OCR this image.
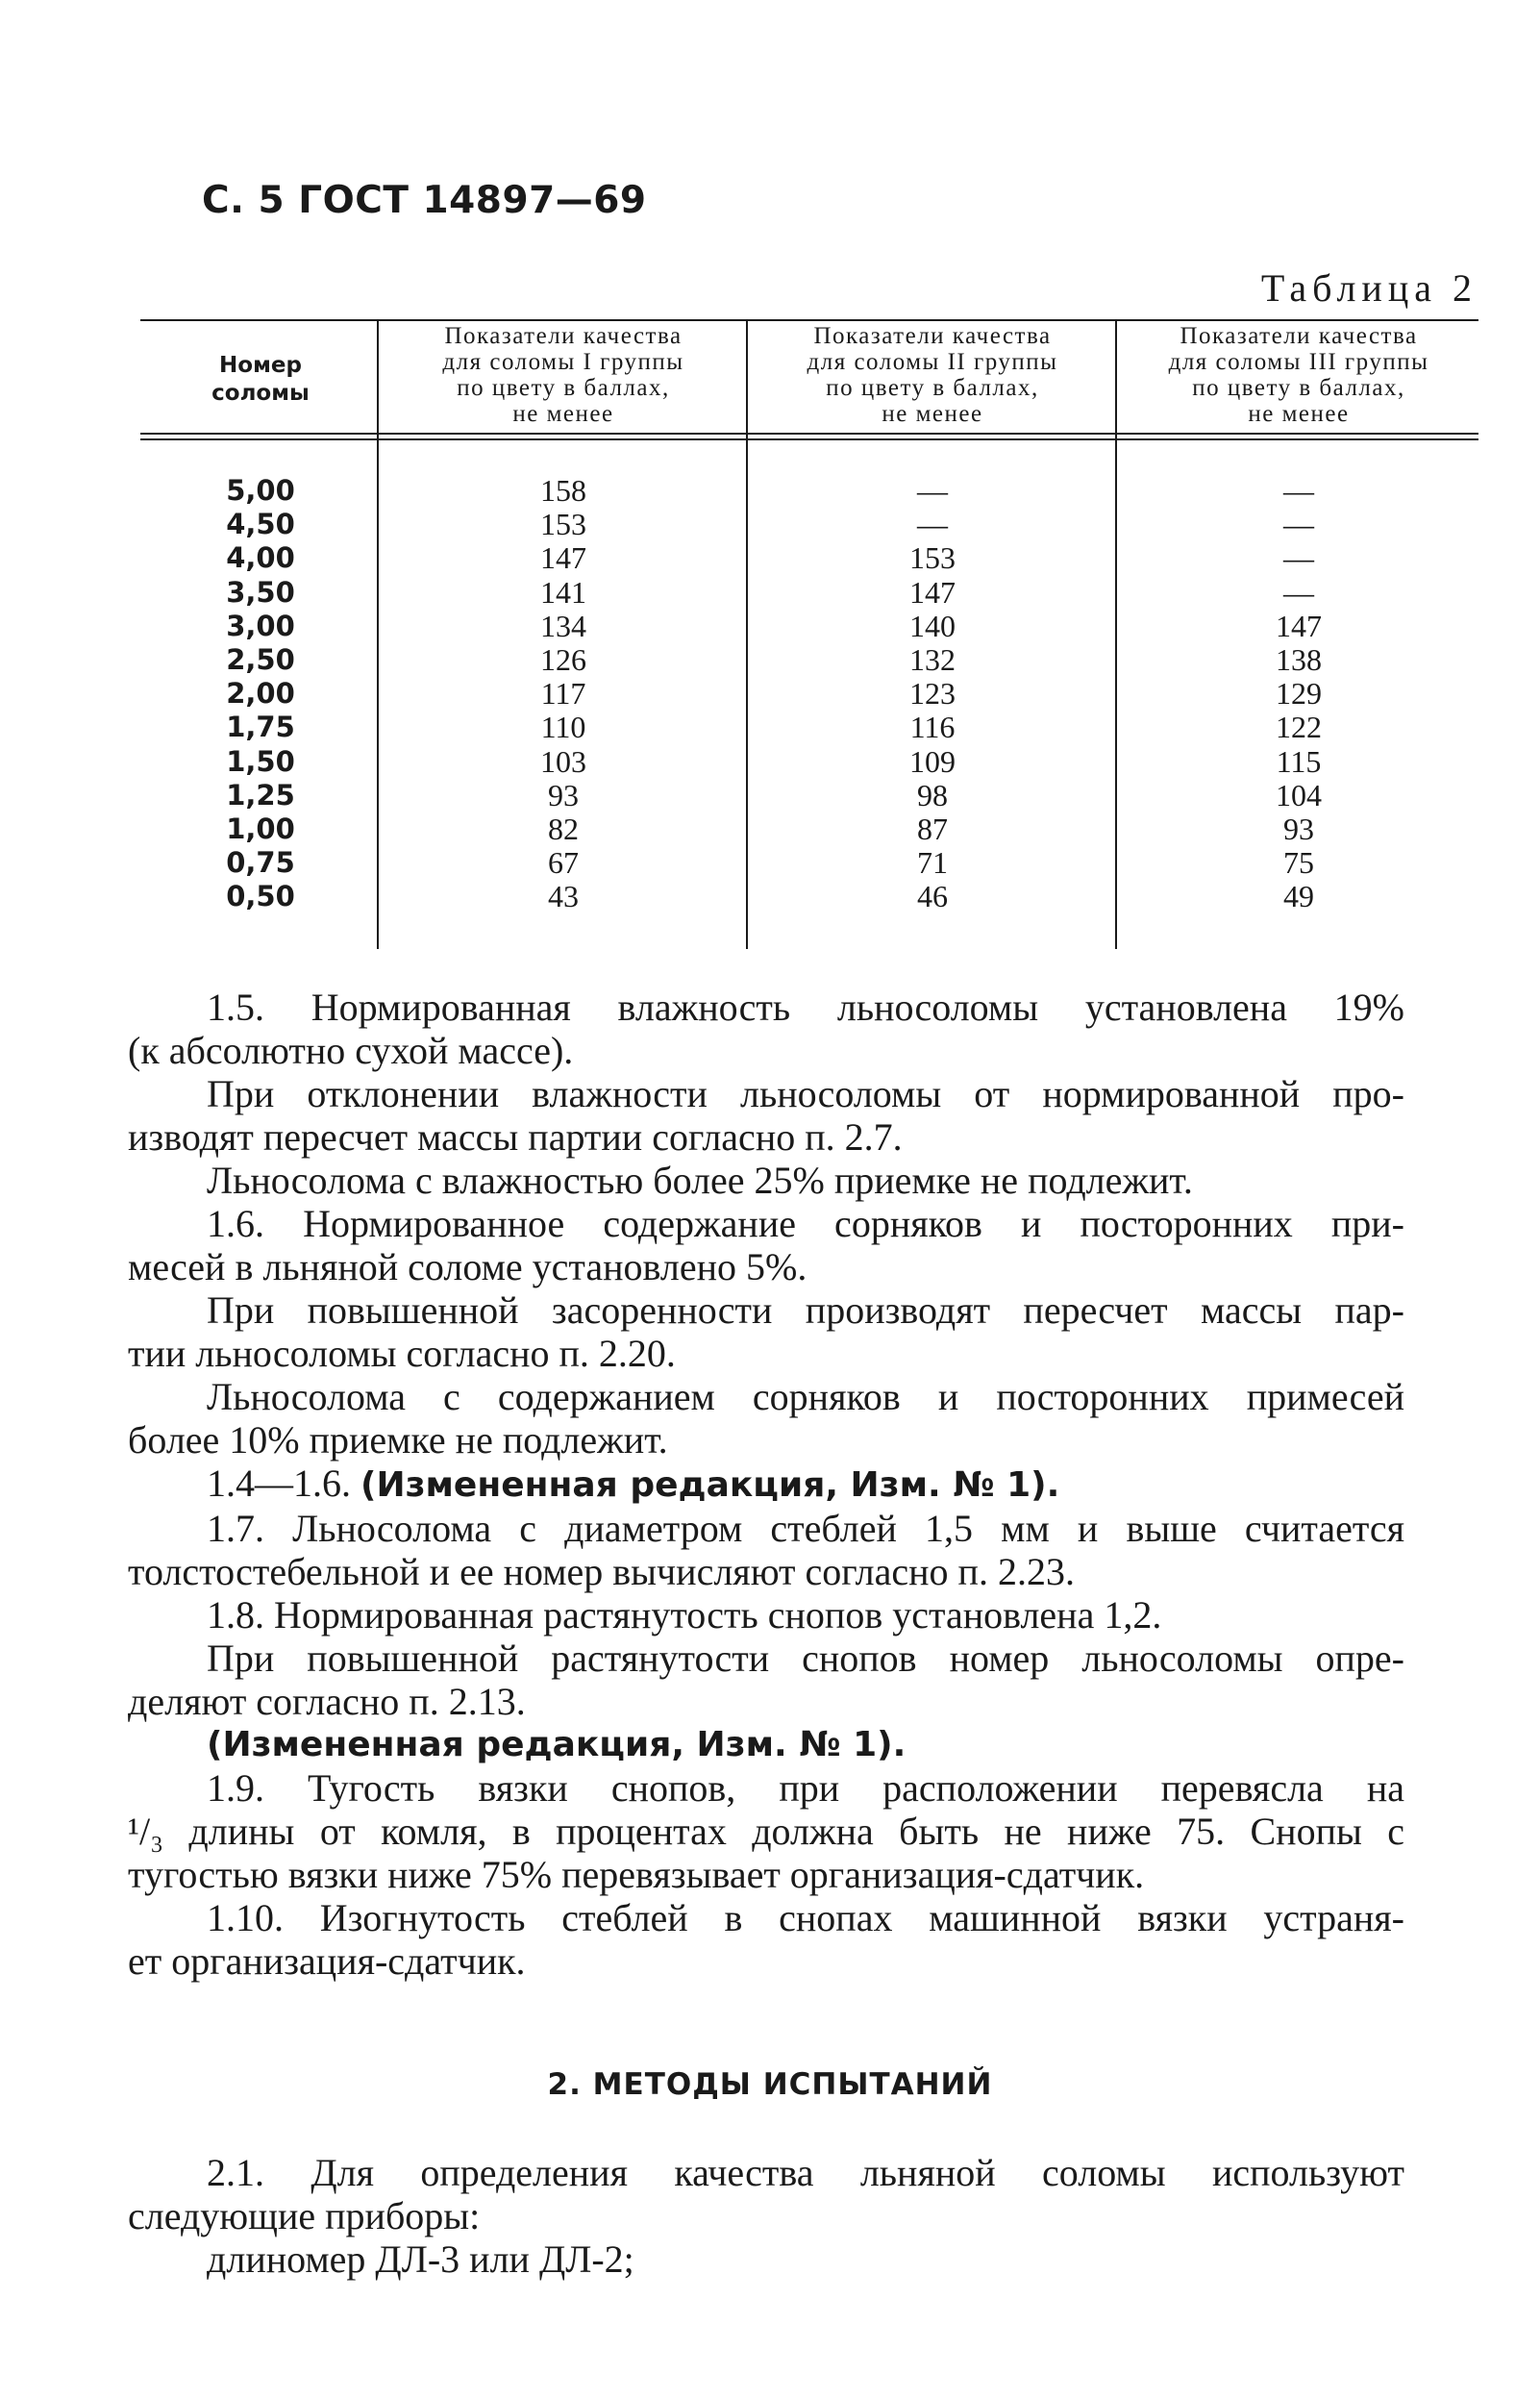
С. 5 ГОСТ 14897—69
Таблица 2
Номер
соломы
Показатели качества
для соломы I группы
по цвету в баллах,
не менее
Показатели качества
для соломы II группы
по цвету в баллах,
не менее
Показатели качества
для соломы III группы
по цвету в баллах,
не менее
5,00
4,50
4,00
3,50
3,00
2,50
2,00
1,75
1,50
1,25
1,00
0,75
0,50
158
153
147
141
134
126
117
110
103
93
82
67
43
—
—
153
147
140
132
123
116
109
98
87
71
46
—
—
—
—
147
138
129
122
115
104
93
75
49
1.5. Нормированная влажность льносоломы установлена 19%
(к абсолютно сухой массе).
При отклонении влажности льносоломы от нормированной про-
изводят пересчет массы партии согласно п. 2.7.
Льносолома с влажностью более 25% приемке не подлежит.
1.6. Нормированное содержание сорняков и посторонних при-
месей в льняной соломе установлено 5%.
При повышенной засоренности производят пересчет массы пар-
тии льносоломы согласно п. 2.20.
Льносолома с содержанием сорняков и посторонних примесей
более 10% приемке не подлежит.
1.4—1.6. (Измененная редакция, Изм. № 1).
1.7. Льносолома с диаметром стеблей 1,5 мм и выше считается
толстостебельной и ее номер вычисляют согласно п. 2.23.
1.8. Нормированная растянутость снопов установлена 1,2.
При повышенной растянутости снопов номер льносоломы опре-
деляют согласно п. 2.13.
(Измененная редакция, Изм. № 1).
1.9. Тугость вязки снопов, при расположении перевясла на
¹/₃ длины от комля, в процентах должна быть не ниже 75. Снопы с
тугостью вязки ниже 75% перевязывает организация-сдатчик.
1.10. Изогнутость стеблей в снопах машинной вязки устраня-
ет организация-сдатчик.
2. МЕТОДЫ ИСПЫТАНИЙ
2.1. Для определения качества льняной соломы используют
следующие приборы:
длиномер ДЛ-3 или ДЛ-2;
